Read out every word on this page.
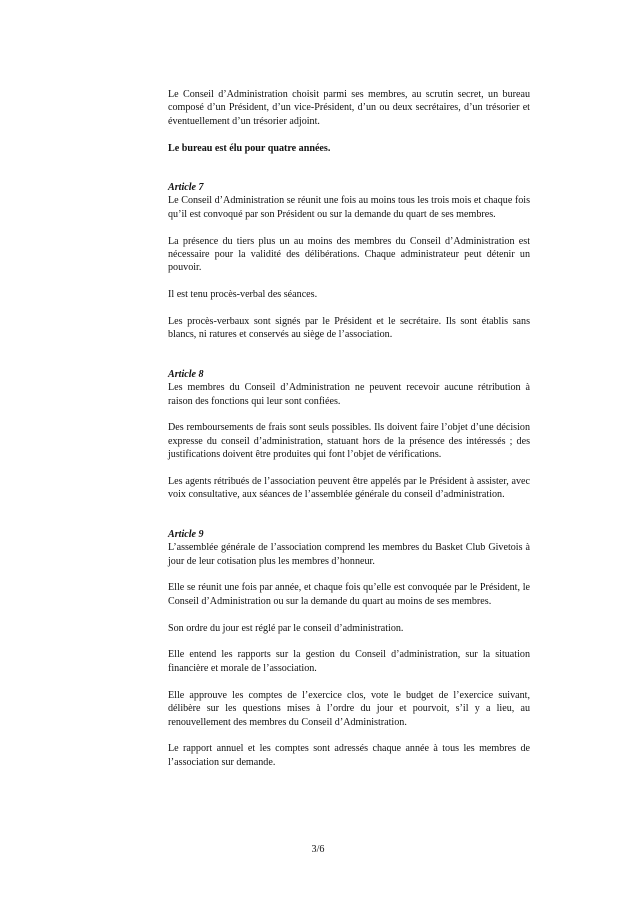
Le Conseil d’Administration choisit parmi ses membres, au scrutin secret, un bureau composé d’un Président, d’un vice-Président, d’un ou deux secrétaires, d’un trésorier et éventuellement d’un trésorier adjoint.

Le bureau est élu pour quatre années.

Article 7

Le Conseil d’Administration se réunit une fois au moins tous les trois mois et chaque fois qu’il est convoqué par son Président ou sur la demande du quart de ses membres.

La présence du tiers plus un au moins des membres du Conseil d’Administration est nécessaire pour la validité des délibérations. Chaque administrateur peut détenir un pouvoir.

Il est tenu procès-verbal des séances.

Les procès-verbaux sont signés par le Président et le secrétaire. Ils sont établis sans blancs, ni ratures et conservés au siège de l’association.

Article 8

Les membres du Conseil d’Administration ne peuvent recevoir aucune rétribution à raison des fonctions qui leur sont confiées.

Des remboursements de frais sont seuls possibles. Ils doivent faire l’objet d’une décision expresse du conseil d’administration, statuant hors de la présence des intéressés ; des justifications doivent être produites qui font l’objet de vérifications.

Les agents rétribués de l’association peuvent être appelés par le Président à assister, avec voix consultative, aux séances de l’assemblée générale du conseil d’administration.

Article 9

L’assemblée générale de l’association comprend les membres du Basket Club Givetois à jour de leur cotisation plus les membres d’honneur.

Elle se réunit une fois par année, et chaque fois qu’elle est convoquée par le Président, le Conseil d’Administration ou sur la demande du quart au moins de ses membres.

Son ordre du jour est réglé par le conseil d’administration.

Elle entend les rapports sur la gestion du Conseil d’administration, sur la situation financière et morale de l’association.

Elle approuve les comptes de l’exercice clos, vote le budget de l’exercice suivant, délibère sur les questions mises à l’ordre du jour et pourvoit, s’il y a lieu, au renouvellement des membres du Conseil d’Administration.

Le rapport annuel et les comptes sont adressés chaque année à tous les membres de l’association sur demande.

3/6
